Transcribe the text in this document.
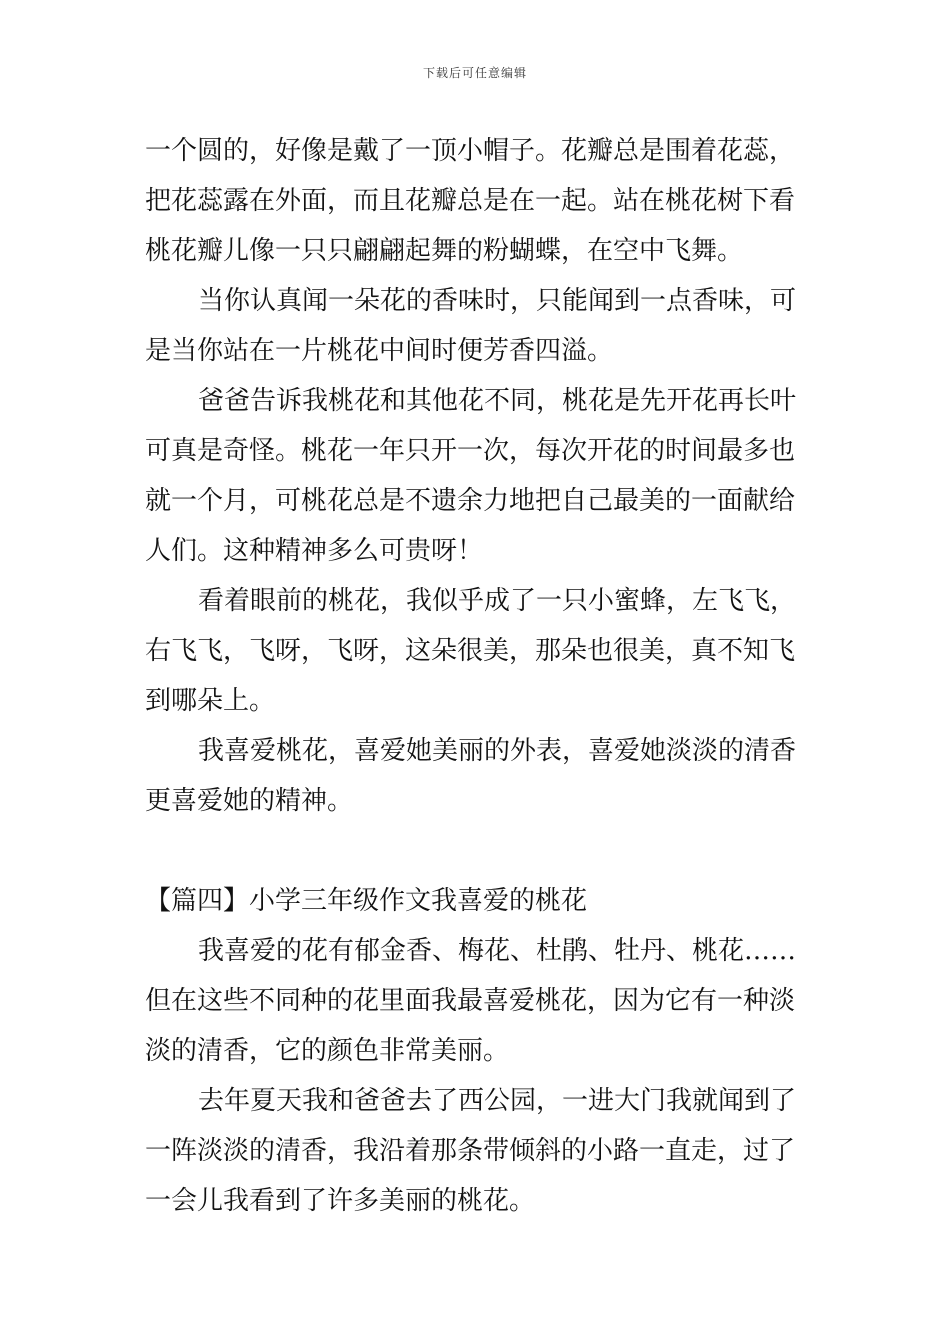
下载后可任意编辑
一个圆的，好像是戴了一顶小帽子。花瓣总是围着花蕊，
把花蕊露在外面，而且花瓣总是在一起。站在桃花树下看
桃花瓣儿像一只只翩翩起舞的粉蝴蝶，在空中飞舞。
当你认真闻一朵花的香味时，只能闻到一点香味，可
是当你站在一片桃花中间时便芳香四溢。
爸爸告诉我桃花和其他花不同，桃花是先开花再长叶
可真是奇怪。桃花一年只开一次，每次开花的时间最多也
就一个月，可桃花总是不遗余力地把自己最美的一面献给
人们。这种精神多么可贵呀！
看着眼前的桃花，我似乎成了一只小蜜蜂，左飞飞，
右飞飞，飞呀，飞呀，这朵很美，那朵也很美，真不知飞
到哪朵上。
我喜爱桃花，喜爱她美丽的外表，喜爱她淡淡的清香
更喜爱她的精神。
【篇四】小学三年级作文我喜爱的桃花
我喜爱的花有郁金香、梅花、杜鹃、牡丹、桃花……
但在这些不同种的花里面我最喜爱桃花，因为它有一种淡
淡的清香，它的颜色非常美丽。
去年夏天我和爸爸去了西公园，一进大门我就闻到了
一阵淡淡的清香，我沿着那条带倾斜的小路一直走，过了
一会儿我看到了许多美丽的桃花。
